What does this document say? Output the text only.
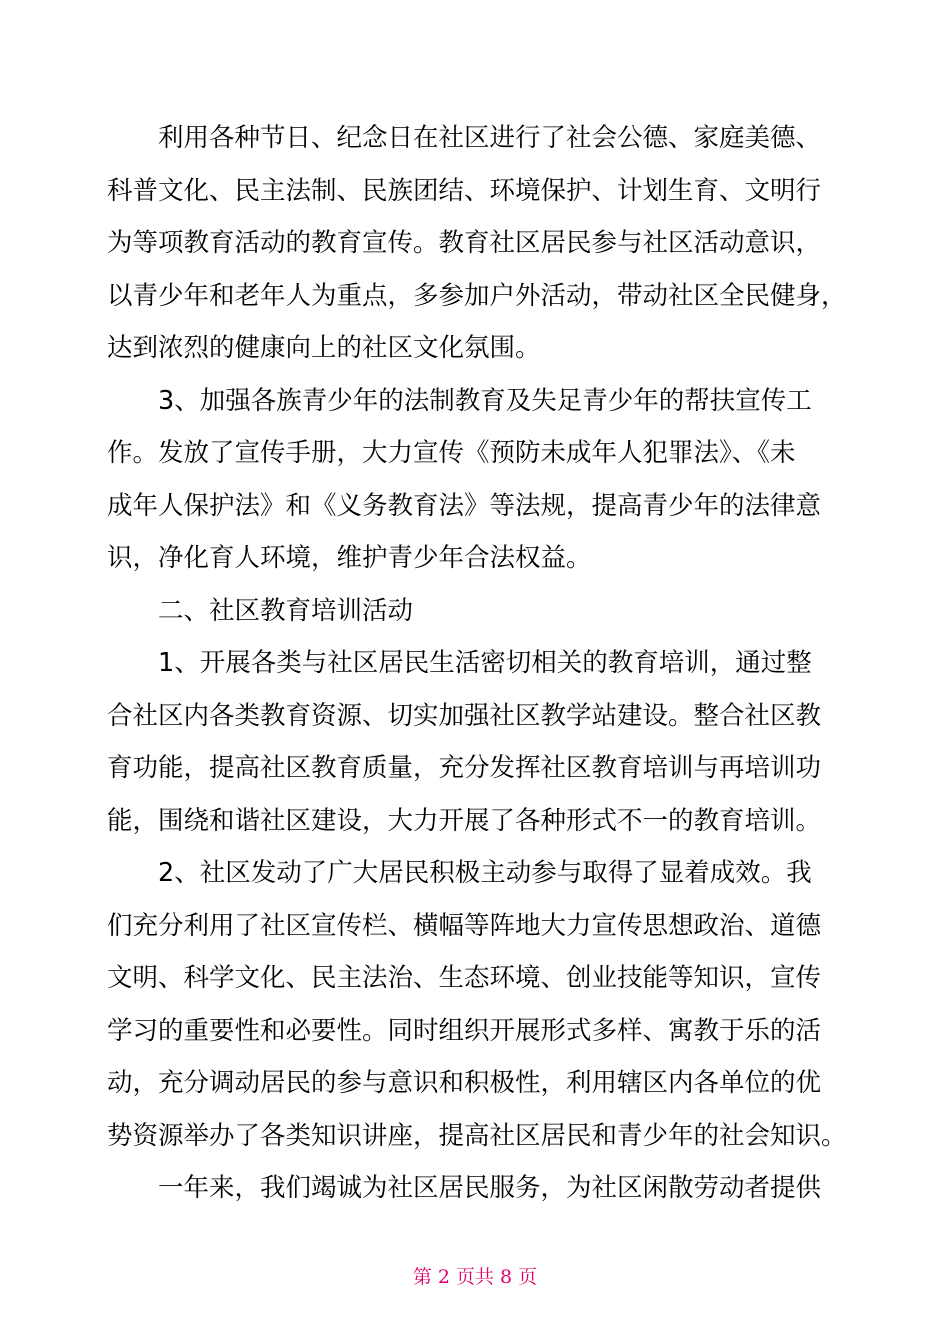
利用各种节日、纪念日在社区进行了社会公德、家庭美德、
科普文化、民主法制、民族团结、环境保护、计划生育、文明行
为等项教育活动的教育宣传。教育社区居民参与社区活动意识，
以青少年和老年人为重点，多参加户外活动，带动社区全民健身，
达到浓烈的健康向上的社区文化氛围。
3、加强各族青少年的法制教育及失足青少年的帮扶宣传工
作。发放了宣传手册，大力宣传《预防未成年人犯罪法》、《未
成年人保护法》和《义务教育法》等法规，提高青少年的法律意
识，净化育人环境，维护青少年合法权益。
二、社区教育培训活动
1、开展各类与社区居民生活密切相关的教育培训，通过整
合社区内各类教育资源、切实加强社区教学站建设。整合社区教
育功能，提高社区教育质量，充分发挥社区教育培训与再培训功
能，围绕和谐社区建设，大力开展了各种形式不一的教育培训。
2、社区发动了广大居民积极主动参与取得了显着成效。我
们充分利用了社区宣传栏、横幅等阵地大力宣传思想政治、道德
文明、科学文化、民主法治、生态环境、创业技能等知识，宣传
学习的重要性和必要性。同时组织开展形式多样、寓教于乐的活
动，充分调动居民的参与意识和积极性，利用辖区内各单位的优
势资源举办了各类知识讲座，提高社区居民和青少年的社会知识。
一年来，我们竭诚为社区居民服务，为社区闲散劳动者提供
第 2 页共 8 页
